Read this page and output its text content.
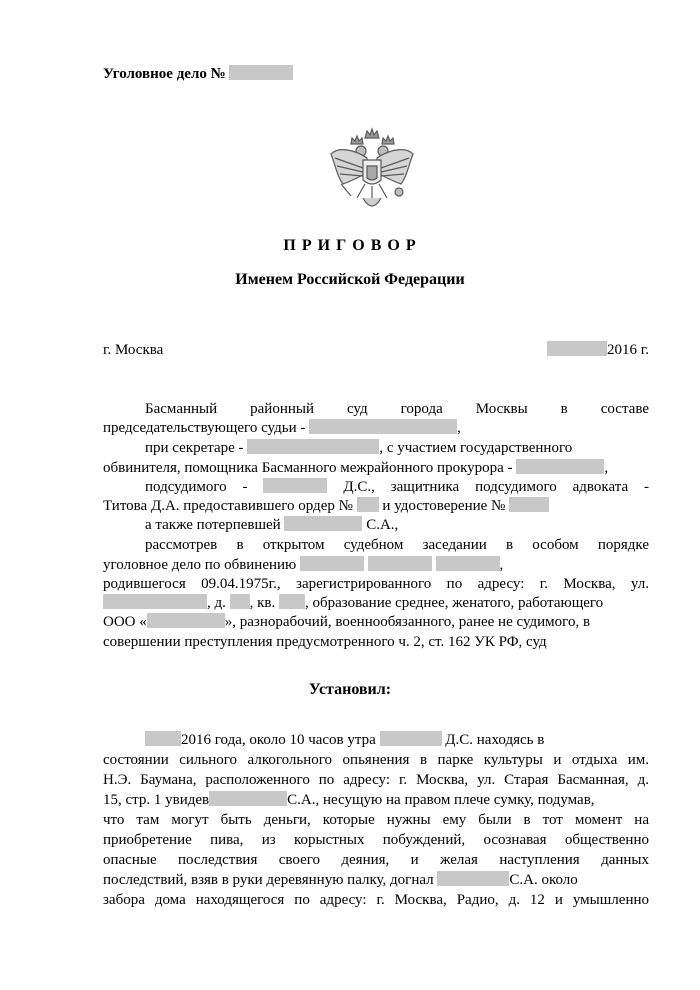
Уголовное дело №

П Р И Г О В О Р

Именем Российской Федерации

г. Москва	2016 г.

Басманный районный суд города Москвы в составе

председательствующего судьи -	,

при секретаре -	, с участием государственного

обвинителя, помощника Басманного межрайонного прокурора -	,

подсудимого -	Д.С., защитника подсудимого адвоката -

Титова Д.А. предоставившего ордер № и удостоверение №

а также потерпевшей	С.А.,

рассмотрев в открытом судебном заседании в особом порядке

уголовное дело по обвинению	,

родившегося 09.04.1975г., зарегистрированного по адресу: г. Москва, ул.

, д. , кв. , образование среднее, женатого, работающего

ООО «	», разнорабочий, военнообязанного, ранее не судимого, в

совершении преступления предусмотренного ч. 2, ст. 162 УК РФ, суд

Установил:

2016 года, около 10 часов утра	Д.С. находясь в

состоянии сильного алкогольного опьянения в парке культуры и отдыха им.

Н.Э. Баумана, расположенного по адресу: г. Москва, ул. Старая Басманная, д.

15, стр. 1 увидев	С.А., несущую на правом плече сумку, подумав,

что там могут быть деньги, которые нужны ему были в тот момент на

приобретение пива, из корыстных побуждений, осознавая общественно

опасные последствия своего деяния, и желая наступления данных

последствий, взяв в руки деревянную палку, догнал	С.А. около

забора дома находящегося по адресу: г. Москва, Радио, д. 12 и умышленно
